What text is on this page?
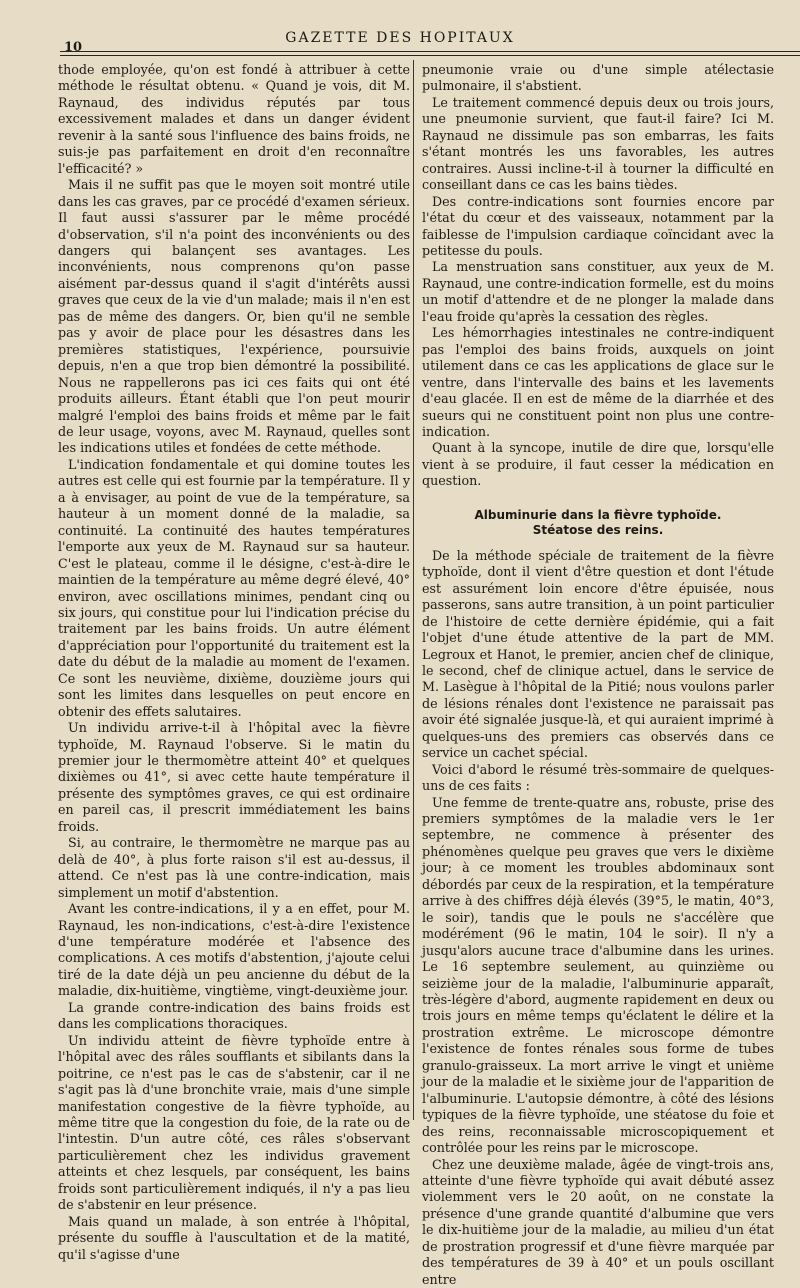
10
GAZETTE DES HOPITAUX

thode employée, qu'on est fondé à attribuer à cette méthode le résultat obtenu. « Quand je vois, dit M. Raynaud, des individus réputés par tous excessivement malades et dans un danger évident revenir à la santé sous l'influence des bains froids, ne suis-je pas parfaitement en droit d'en reconnaître l'efficacité? »

Mais il ne suffit pas que le moyen soit montré utile dans les cas graves, par ce procédé d'examen sérieux. Il faut aussi s'assurer par le même procédé d'observation, s'il n'a point des inconvénients ou des dangers qui balançent ses avantages. Les inconvénients, nous comprenons qu'on passe aisément par-dessus quand il s'agit d'intérêts aussi graves que ceux de la vie d'un malade; mais il n'en est pas de même des dangers. Or, bien qu'il ne semble pas y avoir de place pour les désastres dans les premières statistiques, l'expérience, poursuivie depuis, n'en a que trop bien démontré la possibilité. Nous ne rappellerons pas ici ces faits qui ont été produits ailleurs. Étant établi que l'on peut mourir malgré l'emploi des bains froids et même par le fait de leur usage, voyons, avec M. Raynaud, quelles sont les indications utiles et fondées de cette méthode.

L'indication fondamentale et qui domine toutes les autres est celle qui est fournie par la température. Il y a à envisager, au point de vue de la température, sa hauteur à un moment donné de la maladie, sa continuité. La continuité des hautes températures l'emporte aux yeux de M. Raynaud sur sa hauteur. C'est le plateau, comme il le désigne, c'est-à-dire le maintien de la température au même degré élevé, 40° environ, avec oscillations minimes, pendant cinq ou six jours, qui constitue pour lui l'indication précise du traitement par les bains froids. Un autre élément d'appréciation pour l'opportunité du traitement est la date du début de la maladie au moment de l'examen. Ce sont les neuvième, dixième, douzième jours qui sont les limites dans lesquelles on peut encore en obtenir des effets salutaires.

Un individu arrive-t-il à l'hôpital avec la fièvre typhoïde, M. Raynaud l'observe. Si le matin du premier jour le thermomètre atteint 40° et quelques dixièmes ou 41°, si avec cette haute température il présente des symptômes graves, ce qui est ordinaire en pareil cas, il prescrit immédiatement les bains froids.

Si, au contraire, le thermomètre ne marque pas au delà de 40°, à plus forte raison s'il est au-dessus, il attend. Ce n'est pas là une contre-indication, mais simplement un motif d'abstention.

Avant les contre-indications, il y a en effet, pour M. Raynaud, les non-indications, c'est-à-dire l'existence d'une température modérée et l'absence des complications. A ces motifs d'abstention, j'ajoute celui tiré de la date déjà un peu ancienne du début de la maladie, dix-huitième, vingtième, vingt-deuxième jour.

La grande contre-indication des bains froids est dans les complications thoraciques.

Un individu atteint de fièvre typhoïde entre à l'hôpital avec des râles soufflants et sibilants dans la poitrine, ce n'est pas le cas de s'abstenir, car il ne s'agit pas là d'une bronchite vraie, mais d'une simple manifestation congestive de la fièvre typhoïde, au même titre que la congestion du foie, de la rate ou de l'intestin. D'un autre côté, ces râles s'observant particulièrement chez les individus gravement atteints et chez lesquels, par conséquent, les bains froids sont particulièrement indiqués, il n'y a pas lieu de s'abstenir en leur présence.

Mais quand un malade, à son entrée à l'hôpital, présente du souffle à l'auscultation et de la matité, qu'il s'agisse d'une

pneumonie vraie ou d'une simple atélectasie pulmonaire, il s'abstient.

Le traitement commencé depuis deux ou trois jours, une pneumonie survient, que faut-il faire? Ici M. Raynaud ne dissimule pas son embarras, les faits s'étant montrés les uns favorables, les autres contraires. Aussi incline-t-il à tourner la difficulté en conseillant dans ce cas les bains tièdes.

Des contre-indications sont fournies encore par l'état du cœur et des vaisseaux, notamment par la faiblesse de l'impulsion cardiaque coïncidant avec la petitesse du pouls.

La menstruation sans constituer, aux yeux de M. Raynaud, une contre-indication formelle, est du moins un motif d'attendre et de ne plonger la malade dans l'eau froide qu'après la cessation des règles.

Les hémorrhagies intestinales ne contre-indiquent pas l'emploi des bains froids, auxquels on joint utilement dans ce cas les applications de glace sur le ventre, dans l'intervalle des bains et les lavements d'eau glacée. Il en est de même de la diarrhée et des sueurs qui ne constituent point non plus une contre-indication.

Quant à la syncope, inutile de dire que, lorsqu'elle vient à se produire, il faut cesser la médication en question.

Albuminurie dans la fièvre typhoïde.
Stéatose des reins.

De la méthode spéciale de traitement de la fièvre typhoïde, dont il vient d'être question et dont l'étude est assurément loin encore d'être épuisée, nous passerons, sans autre transition, à un point particulier de l'histoire de cette dernière épidémie, qui a fait l'objet d'une étude attentive de la part de MM. Legroux et Hanot, le premier, ancien chef de clinique, le second, chef de clinique actuel, dans le service de M. Lasègue à l'hôpital de la Pitié; nous voulons parler de lésions rénales dont l'existence ne paraissait pas avoir été signalée jusque-là, et qui auraient imprimé à quelques-uns des premiers cas observés dans ce service un cachet spécial.

Voici d'abord le résumé très-sommaire de quelques-uns de ces faits :

Une femme de trente-quatre ans, robuste, prise des premiers symptômes de la maladie vers le 1er septembre, ne commence à présenter des phénomènes quelque peu graves que vers le dixième jour; à ce moment les troubles abdominaux sont débordés par ceux de la respiration, et la température arrive à des chiffres déjà élevés (39°5, le matin, 40°3, le soir), tandis que le pouls ne s'accélère que modérément (96 le matin, 104 le soir). Il n'y a jusqu'alors aucune trace d'albumine dans les urines. Le 16 septembre seulement, au quinzième ou seizième jour de la maladie, l'albuminurie apparaît, très-légère d'abord, augmente rapidement en deux ou trois jours en même temps qu'éclatent le délire et la prostration extrême. Le microscope démontre l'existence de fontes rénales sous forme de tubes granulo-graisseux. La mort arrive le vingt et unième jour de la maladie et le sixième jour de l'apparition de l'albuminurie. L'autopsie démontre, à côté des lésions typiques de la fièvre typhoïde, une stéatose du foie et des reins, reconnaissable microscopiquement et contrôlée pour les reins par le microscope.

Chez une deuxième malade, âgée de vingt-trois ans, atteinte d'une fièvre typhoïde qui avait débuté assez violemment vers le 20 août, on ne constate la présence d'une grande quantité d'albumine que vers le dix-huitième jour de la maladie, au milieu d'un état de prostration progressif et d'une fièvre marquée par des températures de 39 à 40° et un pouls oscillant entre
